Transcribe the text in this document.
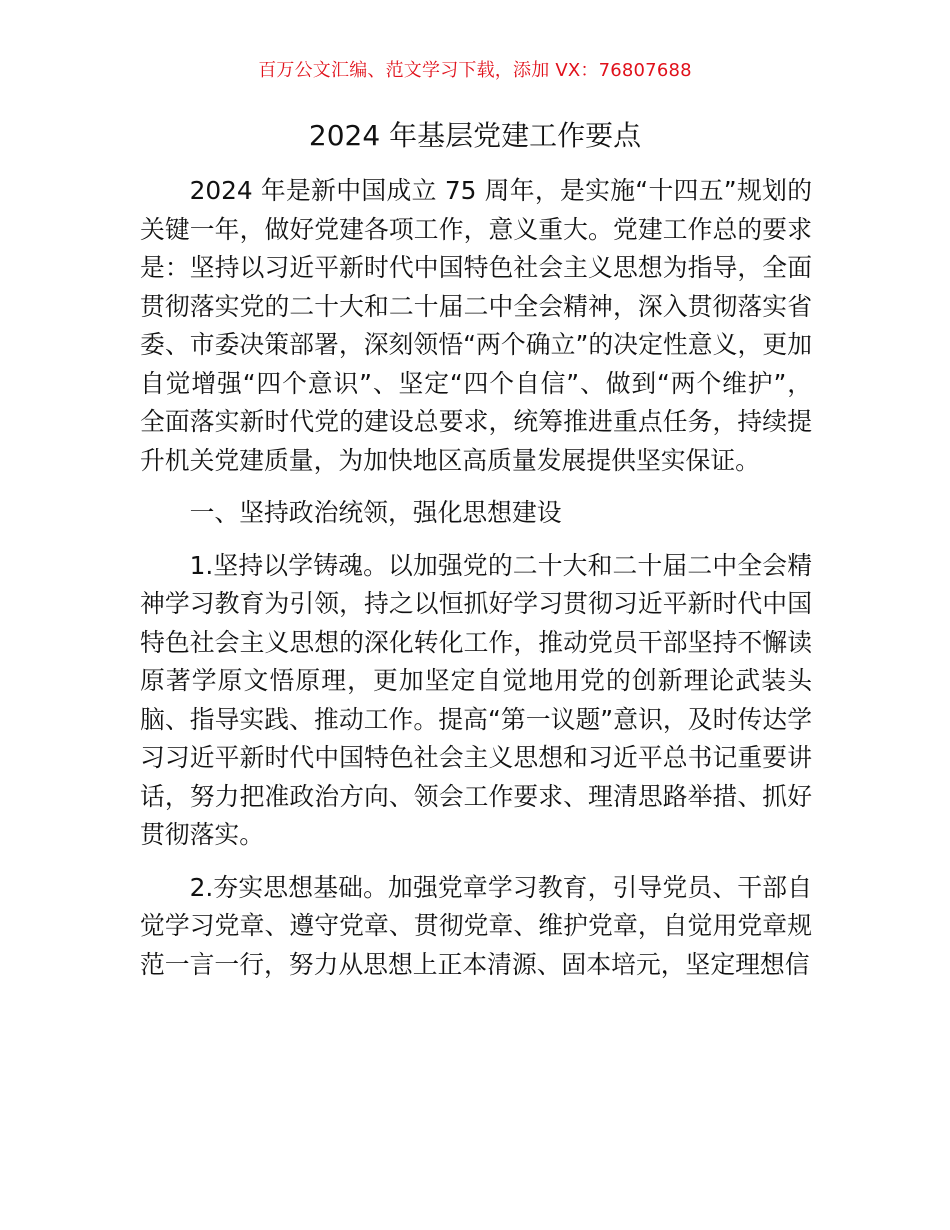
百万公文汇编、范文学习下载，添加 VX：76807688
2024 年基层党建工作要点

2024 年是新中国成立 75 周年，是实施“十四五”规划的关键一年，做好党建各项工作，意义重大。党建工作总的要求是：坚持以习近平新时代中国特色社会主义思想为指导，全面贯彻落实党的二十大和二十届二中全会精神，深入贯彻落实省委、市委决策部署，深刻领悟“两个确立”的决定性意义，更加自觉增强“四个意识”、坚定“四个自信”、做到“两个维护”，全面落实新时代党的建设总要求，统筹推进重点任务，持续提升机关党建质量，为加快地区高质量发展提供坚实保证。

一、坚持政治统领，强化思想建设

1.坚持以学铸魂。以加强党的二十大和二十届二中全会精神学习教育为引领，持之以恒抓好学习贯彻习近平新时代中国特色社会主义思想的深化转化工作，推动党员干部坚持不懈读原著学原文悟原理，更加坚定自觉地用党的创新理论武装头脑、指导实践、推动工作。提高“第一议题”意识，及时传达学习习近平新时代中国特色社会主义思想和习近平总书记重要讲话，努力把准政治方向、领会工作要求、理清思路举措、抓好贯彻落实。

2.夯实思想基础。加强党章学习教育，引导党员、干部自觉学习党章、遵守党章、贯彻党章、维护党章，自觉用党章规范一言一行，努力从思想上正本清源、固本培元，坚定理想信
